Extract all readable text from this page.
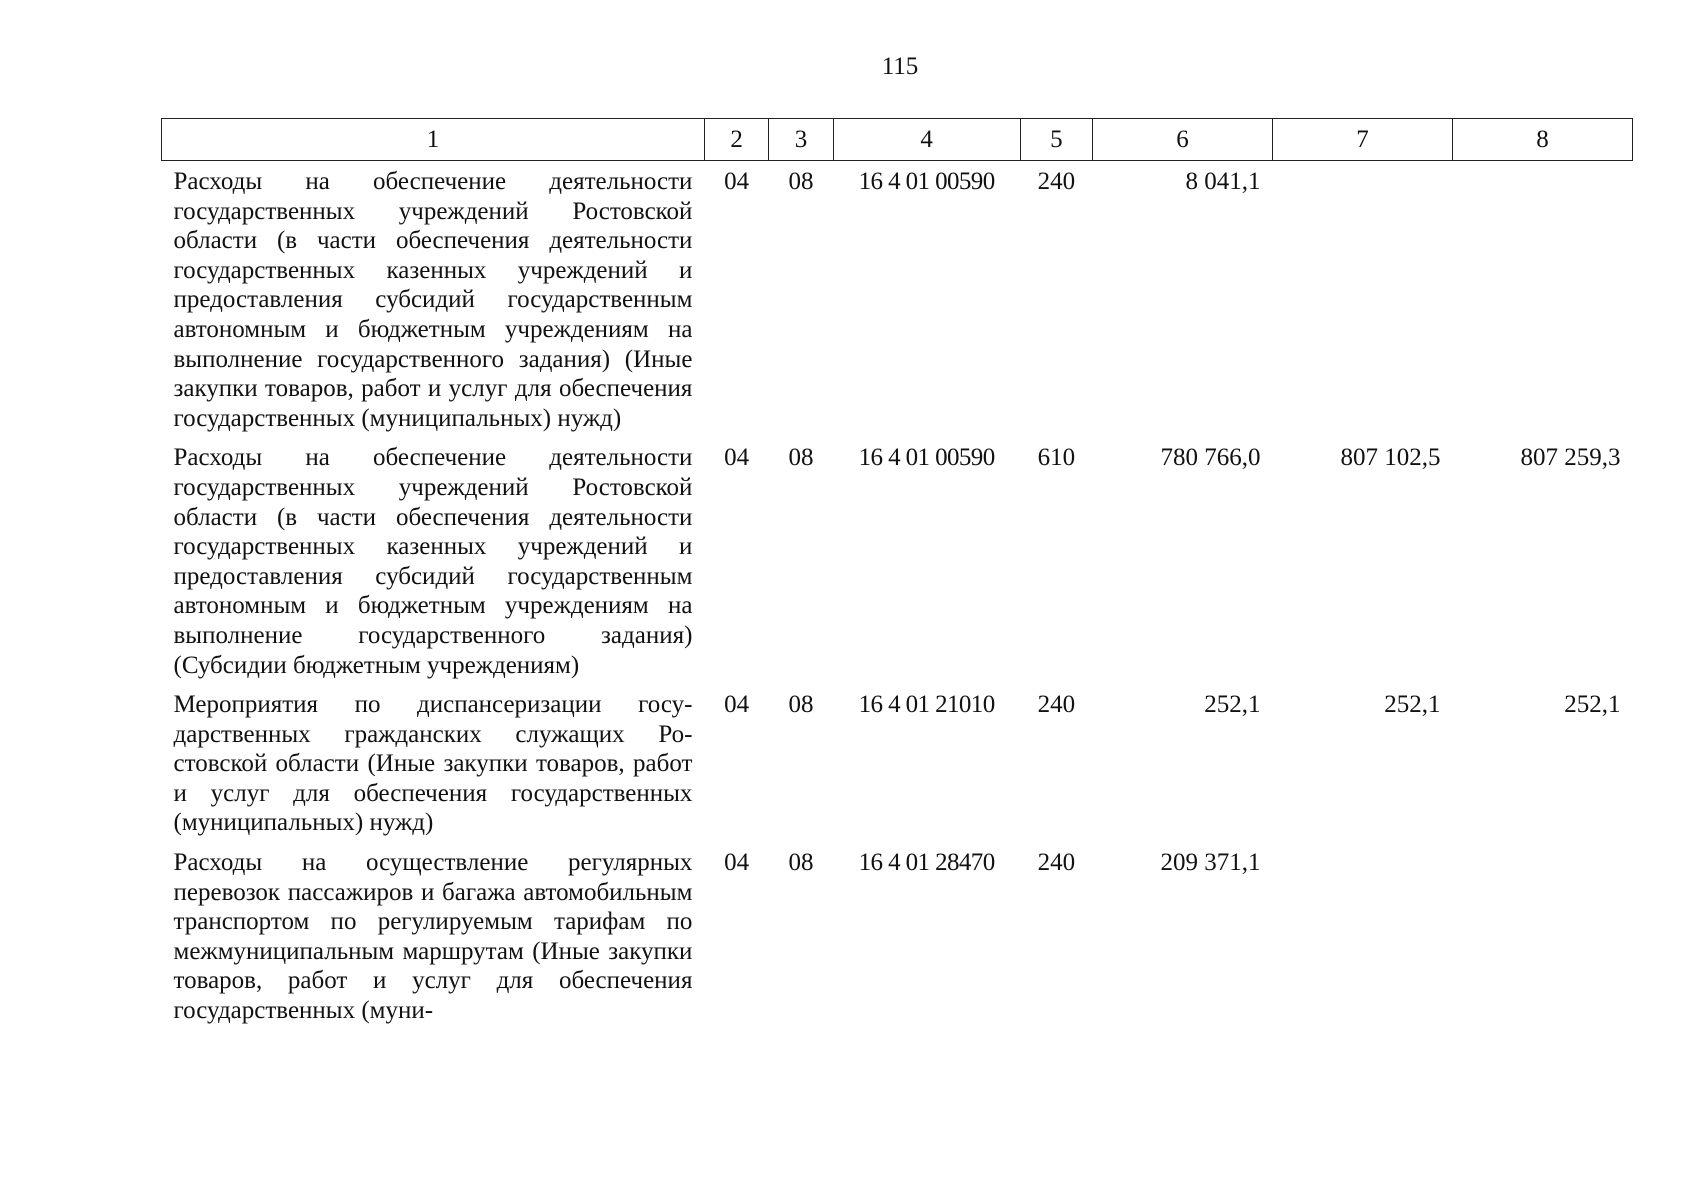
115
1	2	3	4	5	6	7	8
Расходы на обеспечение деятельности государственных учреждений Ростовской области (в части обеспечения деятельности государственных казенных учреждений и предоставления субсидий государственным автономным и бюджетным учреждениям на выполнение государственного задания) (Иные закупки товаров, работ и услуг для обеспечения государственных (муниципальных) нужд)	04	08	16 4 01 00590	240	8 041,1		
Расходы на обеспечение деятельности государственных учреждений Ростовской области (в части обеспечения деятельности государственных казенных учреждений и предоставления субсидий государственным автономным и бюджетным учреждениям на выполнение государственного задания) (Субсидии бюджетным учреждениям)	04	08	16 4 01 00590	610	780 766,0	807 102,5	807 259,3
Мероприятия по диспансеризации государственных гражданских служащих Ростовской области (Иные закупки товаров, работ и услуг для обеспечения государственных (муниципальных) нужд)	04	08	16 4 01 21010	240	252,1	252,1	252,1
Расходы на осуществление регулярных перевозок пассажиров и багажа автомобильным транспортом по регулируемым тарифам по межмуниципальным маршрутам (Иные закупки товаров, работ и услуг для обеспечения государственных (муни-	04	08	16 4 01 28470	240	209 371,1		
